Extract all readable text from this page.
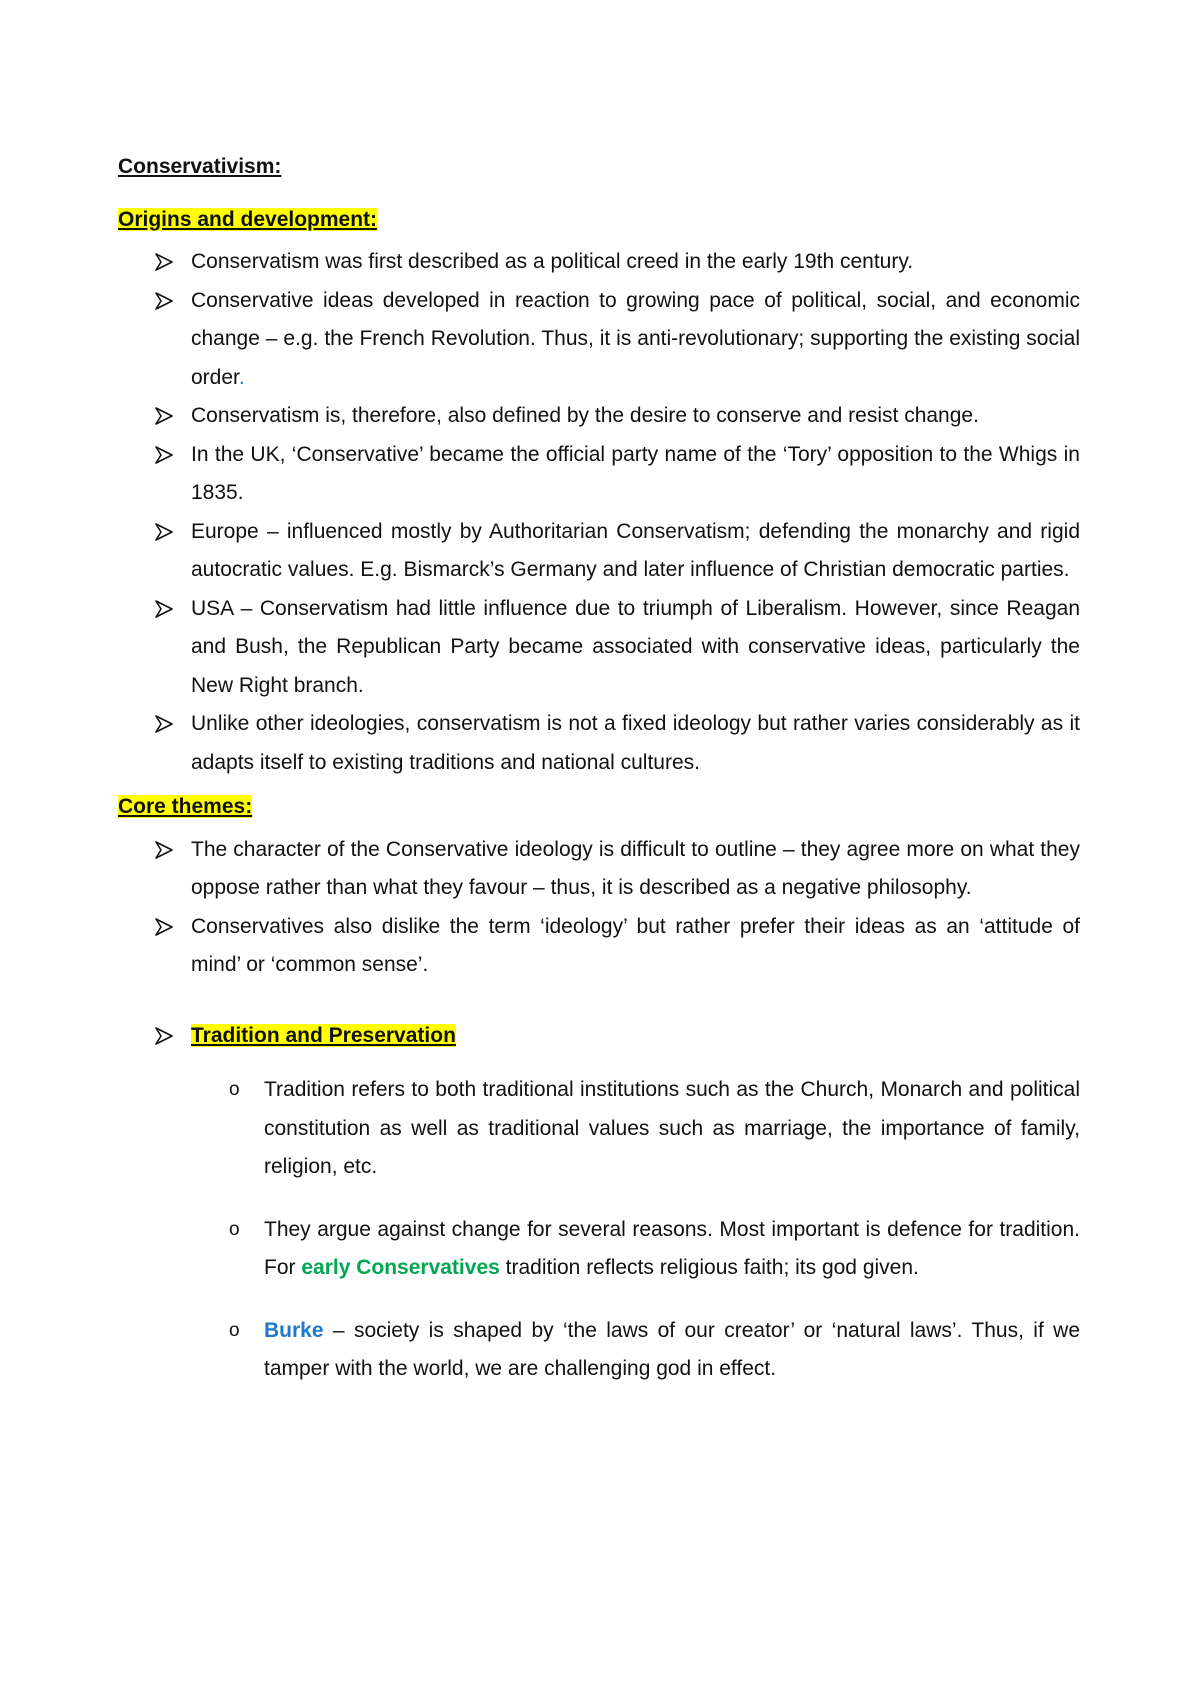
Conservativism:
Origins and development:
Conservatism was first described as a political creed in the early 19th century.
Conservative ideas developed in reaction to growing pace of political, social, and economic change – e.g. the French Revolution. Thus, it is anti-revolutionary; supporting the existing social order.
Conservatism is, therefore, also defined by the desire to conserve and resist change.
In the UK, ‘Conservative’ became the official party name of the ‘Tory’ opposition to the Whigs in 1835.
Europe – influenced mostly by Authoritarian Conservatism; defending the monarchy and rigid autocratic values. E.g. Bismarck’s Germany and later influence of Christian democratic parties.
USA – Conservatism had little influence due to triumph of Liberalism. However, since Reagan and Bush, the Republican Party became associated with conservative ideas, particularly the New Right branch.
Unlike other ideologies, conservatism is not a fixed ideology but rather varies considerably as it adapts itself to existing traditions and national cultures.
Core themes:
The character of the Conservative ideology is difficult to outline – they agree more on what they oppose rather than what they favour – thus, it is described as a negative philosophy.
Conservatives also dislike the term ‘ideology’ but rather prefer their ideas as an ‘attitude of mind’ or ‘common sense’.
Tradition and Preservation
o Tradition refers to both traditional institutions such as the Church, Monarch and political constitution as well as traditional values such as marriage, the importance of family, religion, etc.
o They argue against change for several reasons. Most important is defence for tradition. For early Conservatives tradition reflects religious faith; its god given.
o Burke – society is shaped by ‘the laws of our creator’ or ‘natural laws’. Thus, if we tamper with the world, we are challenging god in effect.
